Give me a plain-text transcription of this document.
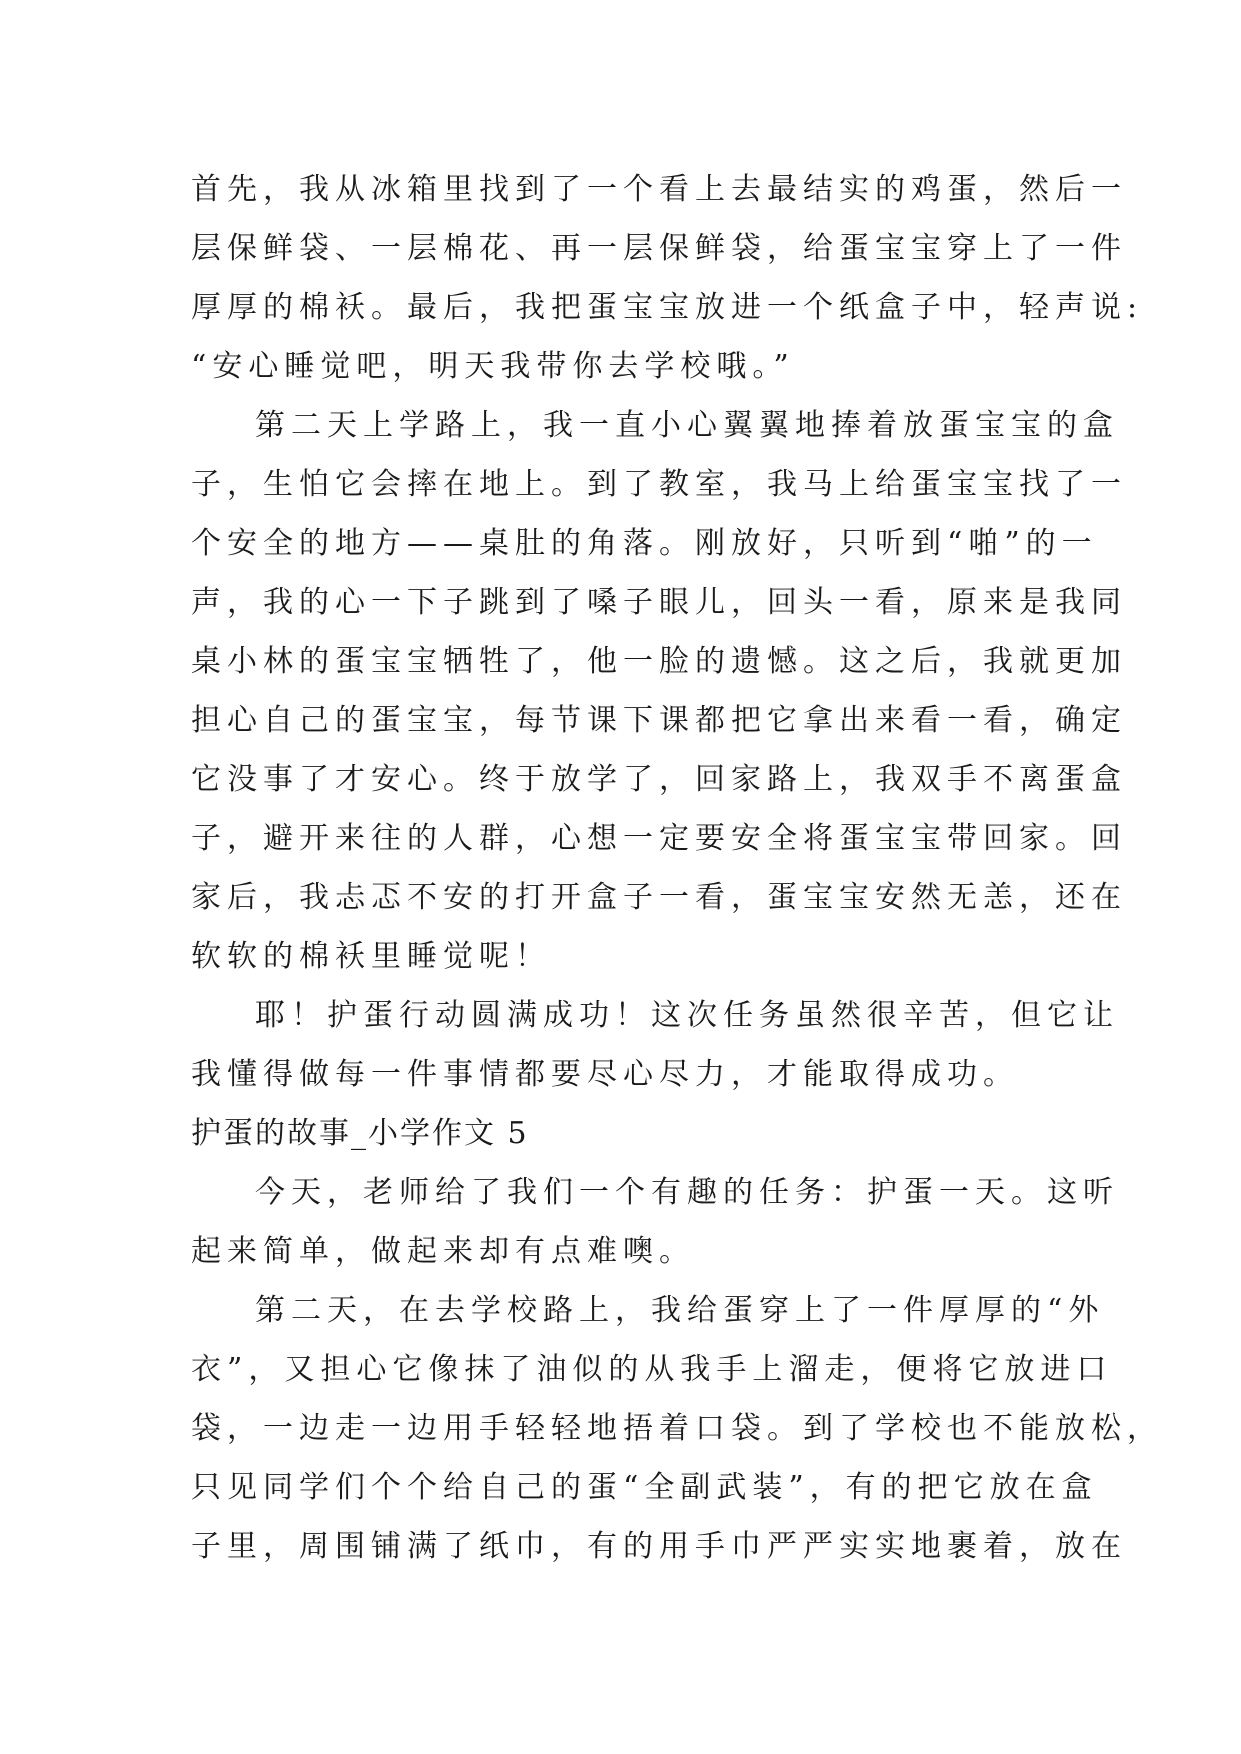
首先，我从冰箱里找到了一个看上去最结实的鸡蛋，然后一
层保鲜袋、一层棉花、再一层保鲜袋，给蛋宝宝穿上了一件
厚厚的棉袄。最后，我把蛋宝宝放进一个纸盒子中，轻声说:
“安心睡觉吧，明天我带你去学校哦。”
第二天上学路上，我一直小心翼翼地捧着放蛋宝宝的盒
子，生怕它会摔在地上。到了教室，我马上给蛋宝宝找了一
个安全的地方——桌肚的角落。刚放好，只听到“啪”的一
声，我的心一下子跳到了嗓子眼儿，回头一看，原来是我同
桌小林的蛋宝宝牺牲了，他一脸的遗憾。这之后，我就更加
担心自己的蛋宝宝，每节课下课都把它拿出来看一看，确定
它没事了才安心。终于放学了，回家路上，我双手不离蛋盒
子，避开来往的人群，心想一定要安全将蛋宝宝带回家。回
家后，我忐忑不安的打开盒子一看，蛋宝宝安然无恙，还在
软软的棉袄里睡觉呢！
耶！护蛋行动圆满成功！这次任务虽然很辛苦，但它让
我懂得做每一件事情都要尽心尽力，才能取得成功。
护蛋的故事_小学作文 5
今天，老师给了我们一个有趣的任务：护蛋一天。这听
起来简单，做起来却有点难噢。
第二天，在去学校路上，我给蛋穿上了一件厚厚的“外
衣”，又担心它像抹了油似的从我手上溜走，便将它放进口
袋，一边走一边用手轻轻地捂着口袋。到了学校也不能放松，
只见同学们个个给自己的蛋“全副武装”，有的把它放在盒
子里，周围铺满了纸巾，有的用手巾严严实实地裹着，放在
